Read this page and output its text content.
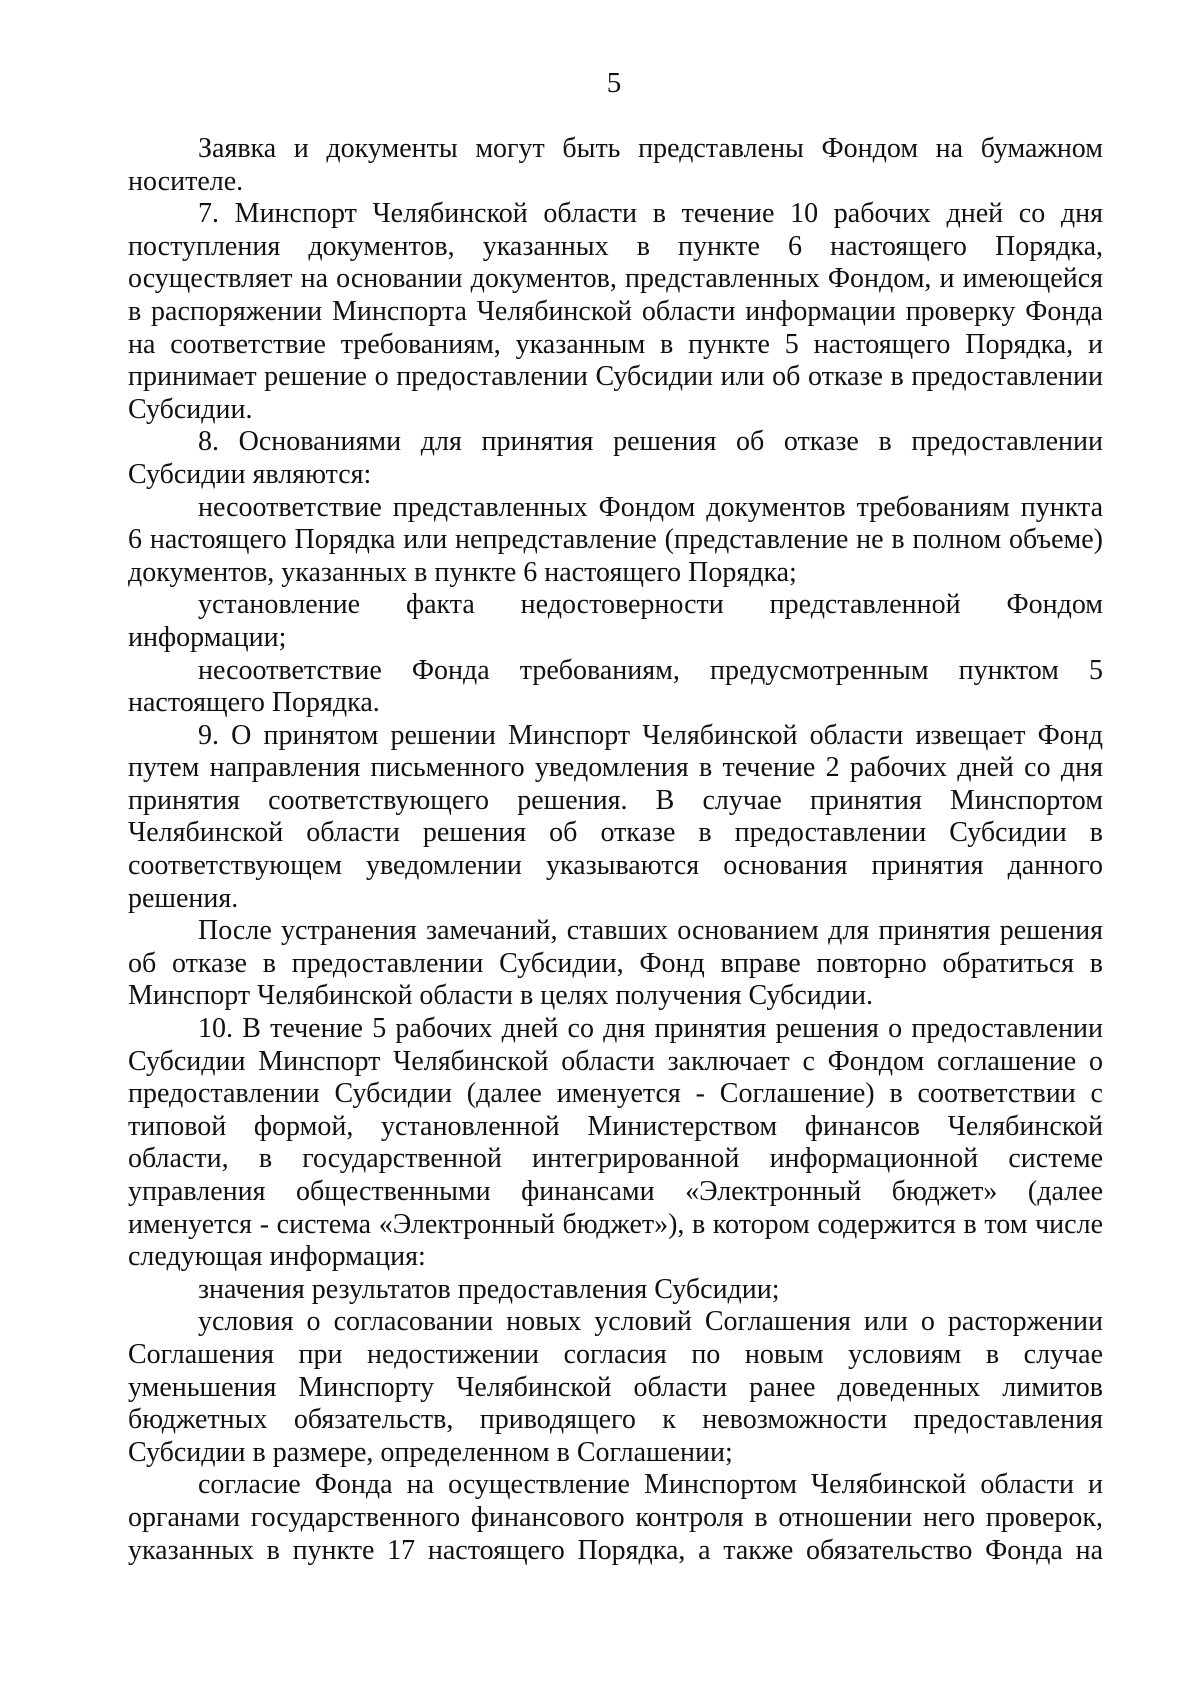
5

Заявка и документы могут быть представлены Фондом на бумажном носителе.

7. Минспорт Челябинской области в течение 10 рабочих дней со дня поступления документов, указанных в пункте 6 настоящего Порядка, осуществляет на основании документов, представленных Фондом, и имеющейся в распоряжении Минспорта Челябинской области информации проверку Фонда на соответствие требованиям, указанным в пункте 5 настоящего Порядка, и принимает решение о предоставлении Субсидии или об отказе в предоставлении Субсидии.

8. Основаниями для принятия решения об отказе в предоставлении Субсидии являются:

несоответствие представленных Фондом документов требованиям пункта 6 настоящего Порядка или непредставление (представление не в полном объеме) документов, указанных в пункте 6 настоящего Порядка;

установление факта недостоверности представленной Фондом информации;

несоответствие Фонда требованиям, предусмотренным пунктом 5 настоящего Порядка.

9. О принятом решении Минспорт Челябинской области извещает Фонд путем направления письменного уведомления в течение 2 рабочих дней со дня принятия соответствующего решения. В случае принятия Минспортом Челябинской области решения об отказе в предоставлении Субсидии в соответствующем уведомлении указываются основания принятия данного решения.

После устранения замечаний, ставших основанием для принятия решения об отказе в предоставлении Субсидии, Фонд вправе повторно обратиться в Минспорт Челябинской области в целях получения Субсидии.

10. В течение 5 рабочих дней со дня принятия решения о предоставлении Субсидии Минспорт Челябинской области заключает с Фондом соглашение о предоставлении Субсидии (далее именуется - Соглашение) в соответствии с типовой формой, установленной Министерством финансов Челябинской области, в государственной интегрированной информационной системе управления общественными финансами «Электронный бюджет» (далее именуется - система «Электронный бюджет»), в котором содержится в том числе следующая информация:

значения результатов предоставления Субсидии;

условия о согласовании новых условий Соглашения или о расторжении Соглашения при недостижении согласия по новым условиям в случае уменьшения Минспорту Челябинской области ранее доведенных лимитов бюджетных обязательств, приводящего к невозможности предоставления Субсидии в размере, определенном в Соглашении;

согласие Фонда на осуществление Минспортом Челябинской области и органами государственного финансового контроля в отношении него проверок, указанных в пункте 17 настоящего Порядка, а также обязательство Фонда на
